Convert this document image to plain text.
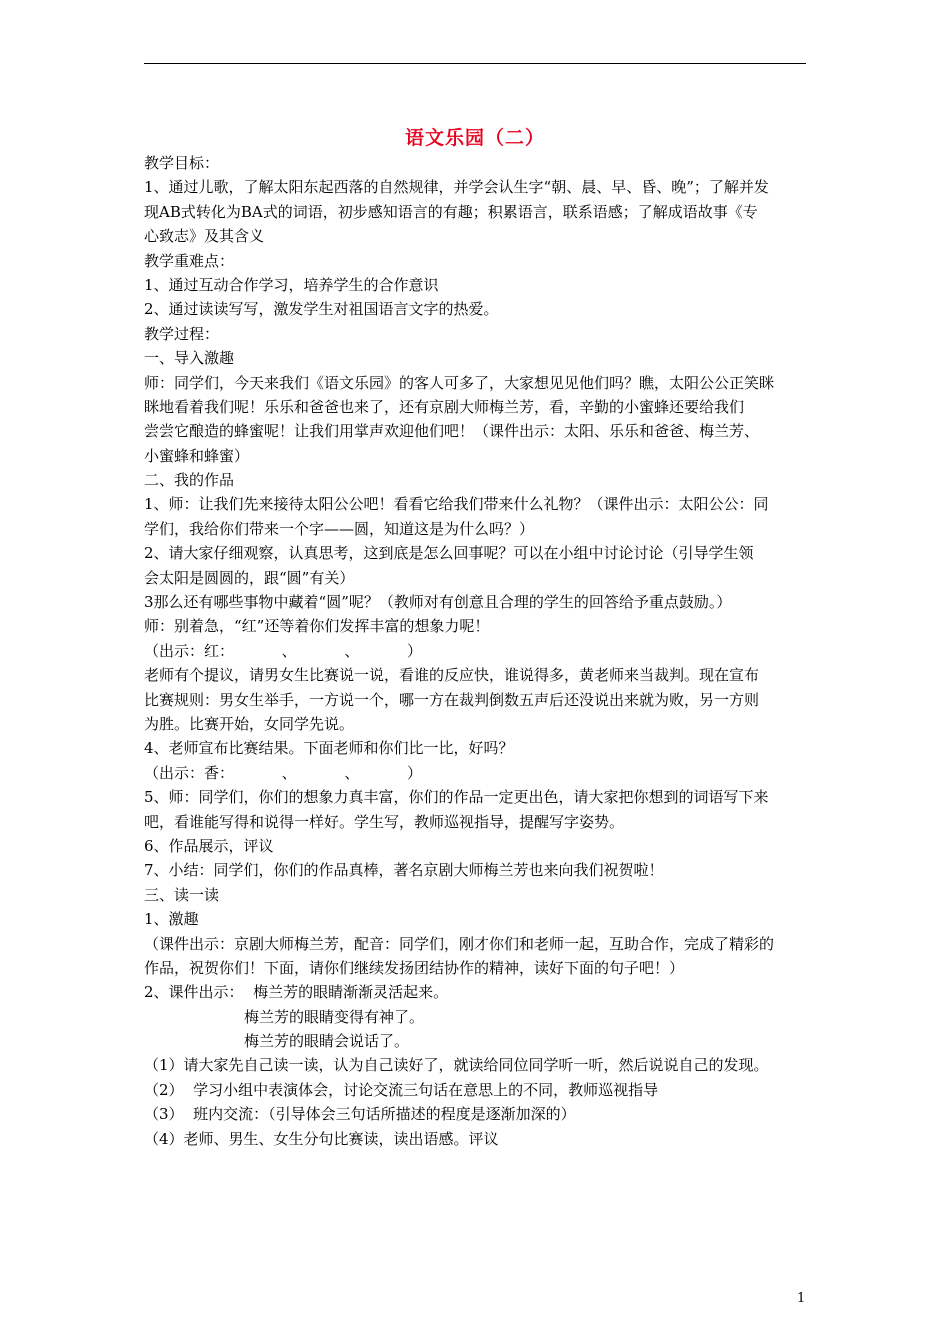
语文乐园（二）
教学目标：
1、通过儿歌，了解太阳东起西落的自然规律，并学会认生字“朝、晨、早、昏、晚”；了解并发
现AB式转化为BA式的词语，初步感知语言的有趣；积累语言，联系语感；了解成语故事《专
心致志》及其含义
教学重难点：
1、通过互动合作学习，培养学生的合作意识
2、通过读读写写，激发学生对祖国语言文字的热爱。
教学过程：
一、导入激趣
师：同学们，今天来我们《语文乐园》的客人可多了，大家想见见他们吗？瞧，太阳公公正笑眯
眯地看着我们呢！乐乐和爸爸也来了，还有京剧大师梅兰芳，看，辛勤的小蜜蜂还要给我们
尝尝它酿造的蜂蜜呢！让我们用掌声欢迎他们吧！（课件出示：太阳、乐乐和爸爸、梅兰芳、
小蜜蜂和蜂蜜）
二、我的作品
1、师：让我们先来接待太阳公公吧！看看它给我们带来什么礼物？（课件出示：太阳公公：同
学们，我给你们带来一个字——圆，知道这是为什么吗？）
2、请大家仔细观察，认真思考，这到底是怎么回事呢？可以在小组中讨论讨论（引导学生领
会太阳是圆圆的，跟“圆”有关）
3那么还有哪些事物中藏着“圆”呢？（教师对有创意且合理的学生的回答给予重点鼓励。）
师：别着急，“红”还等着你们发挥丰富的想象力呢！
（出示：红：          、          、          ）
老师有个提议，请男女生比赛说一说，看谁的反应快，谁说得多，黄老师来当裁判。现在宣布
比赛规则：男女生举手，一方说一个，哪一方在裁判倒数五声后还没说出来就为败，另一方则
为胜。比赛开始，女同学先说。
4、老师宣布比赛结果。下面老师和你们比一比，好吗？
（出示：香：          、          、          ）
5、师：同学们，你们的想象力真丰富，你们的作品一定更出色，请大家把你想到的词语写下来
吧，看谁能写得和说得一样好。学生写，教师巡视指导，提醒写字姿势。
6、作品展示，评议
7、小结：同学们，你们的作品真棒，著名京剧大师梅兰芳也来向我们祝贺啦！
三、读一读
1、激趣
（课件出示：京剧大师梅兰芳，配音：同学们，刚才你们和老师一起，互助合作，完成了精彩的
作品，祝贺你们！下面，请你们继续发扬团结协作的精神，读好下面的句子吧！）
2、课件出示：  梅兰芳的眼睛渐渐灵活起来。
梅兰芳的眼睛变得有神了。
梅兰芳的眼睛会说话了。
（1）请大家先自己读一读，认为自己读好了，就读给同位同学听一听，然后说说自己的发现。
（2）  学习小组中表演体会，讨论交流三句话在意思上的不同，教师巡视指导
（3）  班内交流：（引导体会三句话所描述的程度是逐渐加深的）
（4）老师、男生、女生分句比赛读，读出语感。评议
1
